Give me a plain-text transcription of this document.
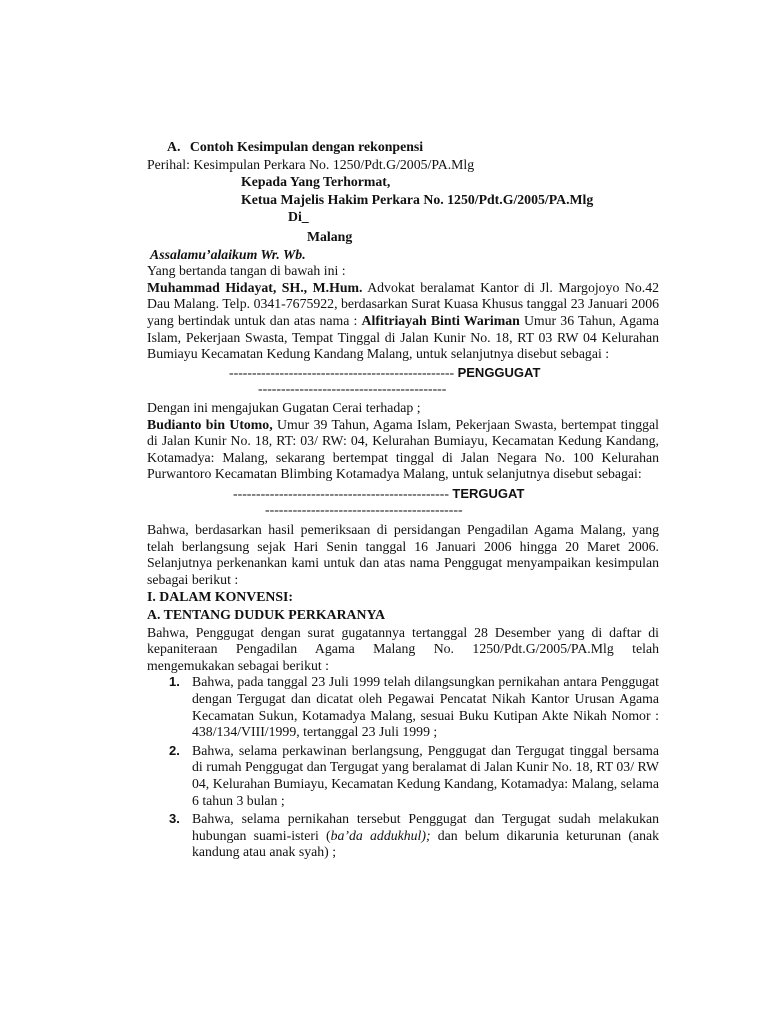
A. Contoh Kesimpulan dengan rekonpensi
Perihal: Kesimpulan Perkara No. 1250/Pdt.G/2005/PA.Mlg
Kepada Yang Terhormat,
Ketua Majelis Hakim Perkara No. 1250/Pdt.G/2005/PA.Mlg
Di_
Malang
Assalamu’alaikum Wr. Wb.
Yang bertanda tangan di bawah ini :
Muhammad Hidayat, SH., M.Hum. Advokat beralamat Kantor di Jl. Margojoyo No.42 Dau Malang. Telp. 0341-7675922, berdasarkan Surat Kuasa Khusus tanggal 23 Januari 2006 yang bertindak untuk dan atas nama : Alfitriayah Binti Wariman Umur 36 Tahun, Agama Islam, Pekerjaan Swasta, Tempat Tinggal di Jalan Kunir No. 18, RT 03 RW 04 Kelurahan Bumiayu Kecamatan Kedung Kandang Malang, untuk selanjutnya disebut sebagai :
------------------------------------------------- PENGGUGAT
-----------------------------------------
Dengan ini mengajukan Gugatan Cerai terhadap ;
Budianto bin Utomo, Umur 39 Tahun, Agama Islam, Pekerjaan Swasta, bertempat tinggal di Jalan Kunir No. 18, RT: 03/ RW: 04, Kelurahan Bumiayu, Kecamatan Kedung Kandang, Kotamadya: Malang, sekarang bertempat tinggal di Jalan Negara No. 100 Kelurahan Purwantoro Kecamatan Blimbing Kotamadya Malang, untuk selanjutnya disebut sebagai:
----------------------------------------------- TERGUGAT
-------------------------------------------
Bahwa, berdasarkan hasil pemeriksaan di persidangan Pengadilan Agama Malang, yang telah berlangsung sejak Hari Senin tanggal 16 Januari 2006 hingga 20 Maret 2006. Selanjutnya perkenankan kami untuk dan atas nama Penggugat menyampaikan kesimpulan sebagai berikut :
I. DALAM KONVENSI:
A. TENTANG DUDUK PERKARANYA
Bahwa, Penggugat dengan surat gugatannya tertanggal 28 Desember yang di daftar di kepaniteraan Pengadilan Agama Malang No. 1250/Pdt.G/2005/PA.Mlg telah mengemukakan sebagai berikut :
1. Bahwa, pada tanggal 23 Juli 1999 telah dilangsungkan pernikahan antara Penggugat dengan Tergugat dan dicatat oleh Pegawai Pencatat Nikah Kantor Urusan Agama Kecamatan Sukun, Kotamadya Malang, sesuai Buku Kutipan Akte Nikah Nomor : 438/134/VIII/1999, tertanggal 23 Juli 1999 ;
2. Bahwa, selama perkawinan berlangsung, Penggugat dan Tergugat tinggal bersama di rumah Penggugat dan Tergugat yang beralamat di Jalan Kunir No. 18, RT 03/ RW 04, Kelurahan Bumiayu, Kecamatan Kedung Kandang, Kotamadya: Malang, selama 6 tahun 3 bulan ;
3. Bahwa, selama pernikahan tersebut Penggugat dan Tergugat sudah melakukan hubungan suami-isteri (ba’da addukhul); dan belum dikarunia keturunan (anak kandung atau anak syah) ;
